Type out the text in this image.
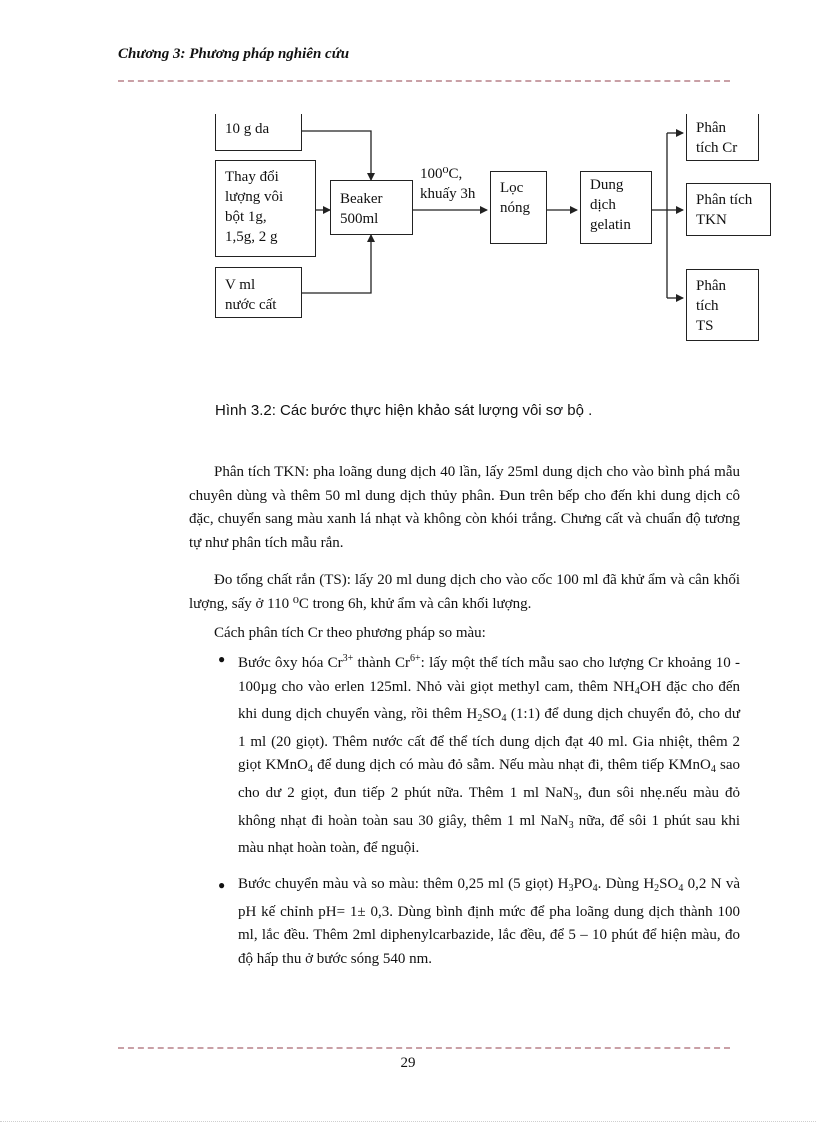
Chương 3: Phương pháp nghiên cứu
10 g da
Thay đổi
lượng vôi
bột 1g,
1,5g, 2 g
V ml
nước cất
Beaker
500ml
100⁰C,
khuấy 3h Lọc
nóng
Dung
dịch
gelatin
Phân
tích Cr
Phân tích
TKN
Phân
tích
TS
Hình 3.2: Các bước thực hiện khảo sát lượng vôi sơ bộ .
Phân tích TKN: pha loãng dung dịch 40 lần, lấy 25ml dung dịch cho vào bình phá mẫu chuyên dùng và thêm 50 ml dung dịch thủy phân. Đun trên bếp cho đến khi dung dịch cô đặc, chuyển sang màu xanh lá nhạt và không còn khói trắng. Chưng cất và chuẩn độ tương tự như phân tích mẫu rắn.
Đo tổng chất rắn (TS): lấy 20 ml dung dịch cho vào cốc 100 ml đã khử ẩm và cân khối lượng, sấy ở 110 ⁰C trong 6h, khử ẩm và cân khối lượng.
Cách phân tích Cr theo phương pháp so màu:
● Bước ôxy hóa $Cr^{3+}$ thành $Cr^{6+}$: lấy một thể tích mẫu sao cho lượng Cr khoảng 10 - 100µg cho vào erlen 125ml. Nhỏ vài giọt methyl cam, thêm $NH_4OH$ đặc cho đến khi dung dịch chuyển vàng, rồi thêm $H_2SO_4$ (1:1) để dung dịch chuyển đỏ, cho dư 1 ml (20 giọt). Thêm nước cất để thể tích dung dịch đạt 40 ml. Gia nhiệt, thêm 2 giọt KMnO$_4$ để dung dịch có màu đỏ sẫm. Nếu màu nhạt đi, thêm tiếp KMnO$_4$ sao cho dư 2 giọt, đun tiếp 2 phút nữa. Thêm 1 ml NaN$_3$, đun sôi nhẹ.nếu màu đỏ không nhạt đi hoàn toàn sau 30 giây, thêm 1 ml NaN$_3$ nữa, để sôi 1 phút sau khi màu nhạt hoàn toàn, để nguội.
● Bước chuyển màu và so màu: thêm 0,25 ml (5 giọt) $H_3PO_4$. Dùng $H_2SO_4$ 0,2 N và pH kế chỉnh pH= 1± 0,3. Dùng bình định mức để pha loãng dung dịch thành 100 ml, lắc đều. Thêm 2ml diphenylcarbazide, lắc đều, để 5 – 10 phút để hiện màu, đo độ hấp thu ở bước sóng 540 nm.
29
